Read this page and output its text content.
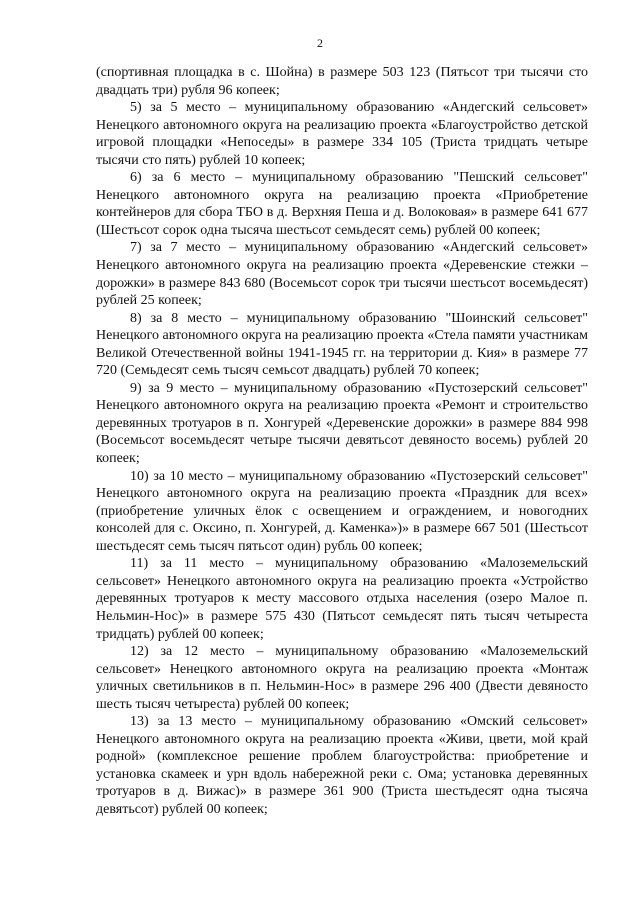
2

(спортивная площадка в с. Шойна) в размере 503 123 (Пятьсот три тысячи сто двадцать три) рубля 96 копеек;

5) за 5 место – муниципальному образованию «Андегский сельсовет» Ненецкого автономного округа на реализацию проекта «Благоустройство детской игровой площадки «Непоседы» в размере 334 105 (Триста тридцать четыре тысячи сто пять) рублей 10 копеек;

6) за 6 место – муниципальному образованию "Пешский сельсовет" Ненецкого автономного округа на реализацию проекта «Приобретение контейнеров для сбора ТБО в д. Верхняя Пеша и д. Волоковая» в размере 641 677 (Шестьсот сорок одна тысяча шестьсот семьдесят семь) рублей 00 копеек;

7) за 7 место – муниципальному образованию «Андегский сельсовет» Ненецкого автономного округа на реализацию проекта «Деревенские стежки – дорожки» в размере 843 680 (Восемьсот сорок три тысячи шестьсот восемьдесят) рублей 25 копеек;

8) за 8 место – муниципальному образованию "Шоинский сельсовет" Ненецкого автономного округа на реализацию проекта «Стела памяти участникам Великой Отечественной войны 1941-1945 гг. на территории д. Кия» в размере 77 720 (Семьдесят семь тысяч семьсот двадцать) рублей 70 копеек;

9) за 9 место – муниципальному образованию «Пустозерский сельсовет" Ненецкого автономного округа на реализацию проекта «Ремонт и строительство деревянных тротуаров в п. Хонгурей «Деревенские дорожки» в размере 884 998 (Восемьсот восемьдесят четыре тысячи девятьсот девяносто восемь) рублей 20 копеек;

10) за 10 место – муниципальному образованию «Пустозерский сельсовет" Ненецкого автономного округа на реализацию проекта «Праздник для всех» (приобретение уличных ёлок с освещением и ограждением, и новогодних консолей для с. Оксино, п. Хонгурей, д. Каменка»)» в размере 667 501 (Шестьсот шестьдесят семь тысяч пятьсот один) рубль 00 копеек;

11) за 11 место – муниципальному образованию «Малоземельский сельсовет» Ненецкого автономного округа на реализацию проекта «Устройство деревянных тротуаров к месту массового отдыха населения (озеро Малое п. Нельмин-Нос)» в размере 575 430 (Пятьсот семьдесят пять тысяч четыреста тридцать) рублей 00 копеек;

12) за 12 место – муниципальному образованию «Малоземельский сельсовет» Ненецкого автономного округа на реализацию проекта «Монтаж уличных светильников в п. Нельмин-Нос» в размере 296 400 (Двести девяносто шесть тысяч четыреста) рублей 00 копеек;

13) за 13 место – муниципальному образованию «Омский сельсовет» Ненецкого автономного округа на реализацию проекта «Живи, цвети, мой край родной» (комплексное решение проблем благоустройства: приобретение и установка скамеек и урн вдоль набережной реки с. Ома; установка деревянных тротуаров в д. Вижас)» в размере 361 900 (Триста шестьдесят одна тысяча девятьсот) рублей 00 копеек;
